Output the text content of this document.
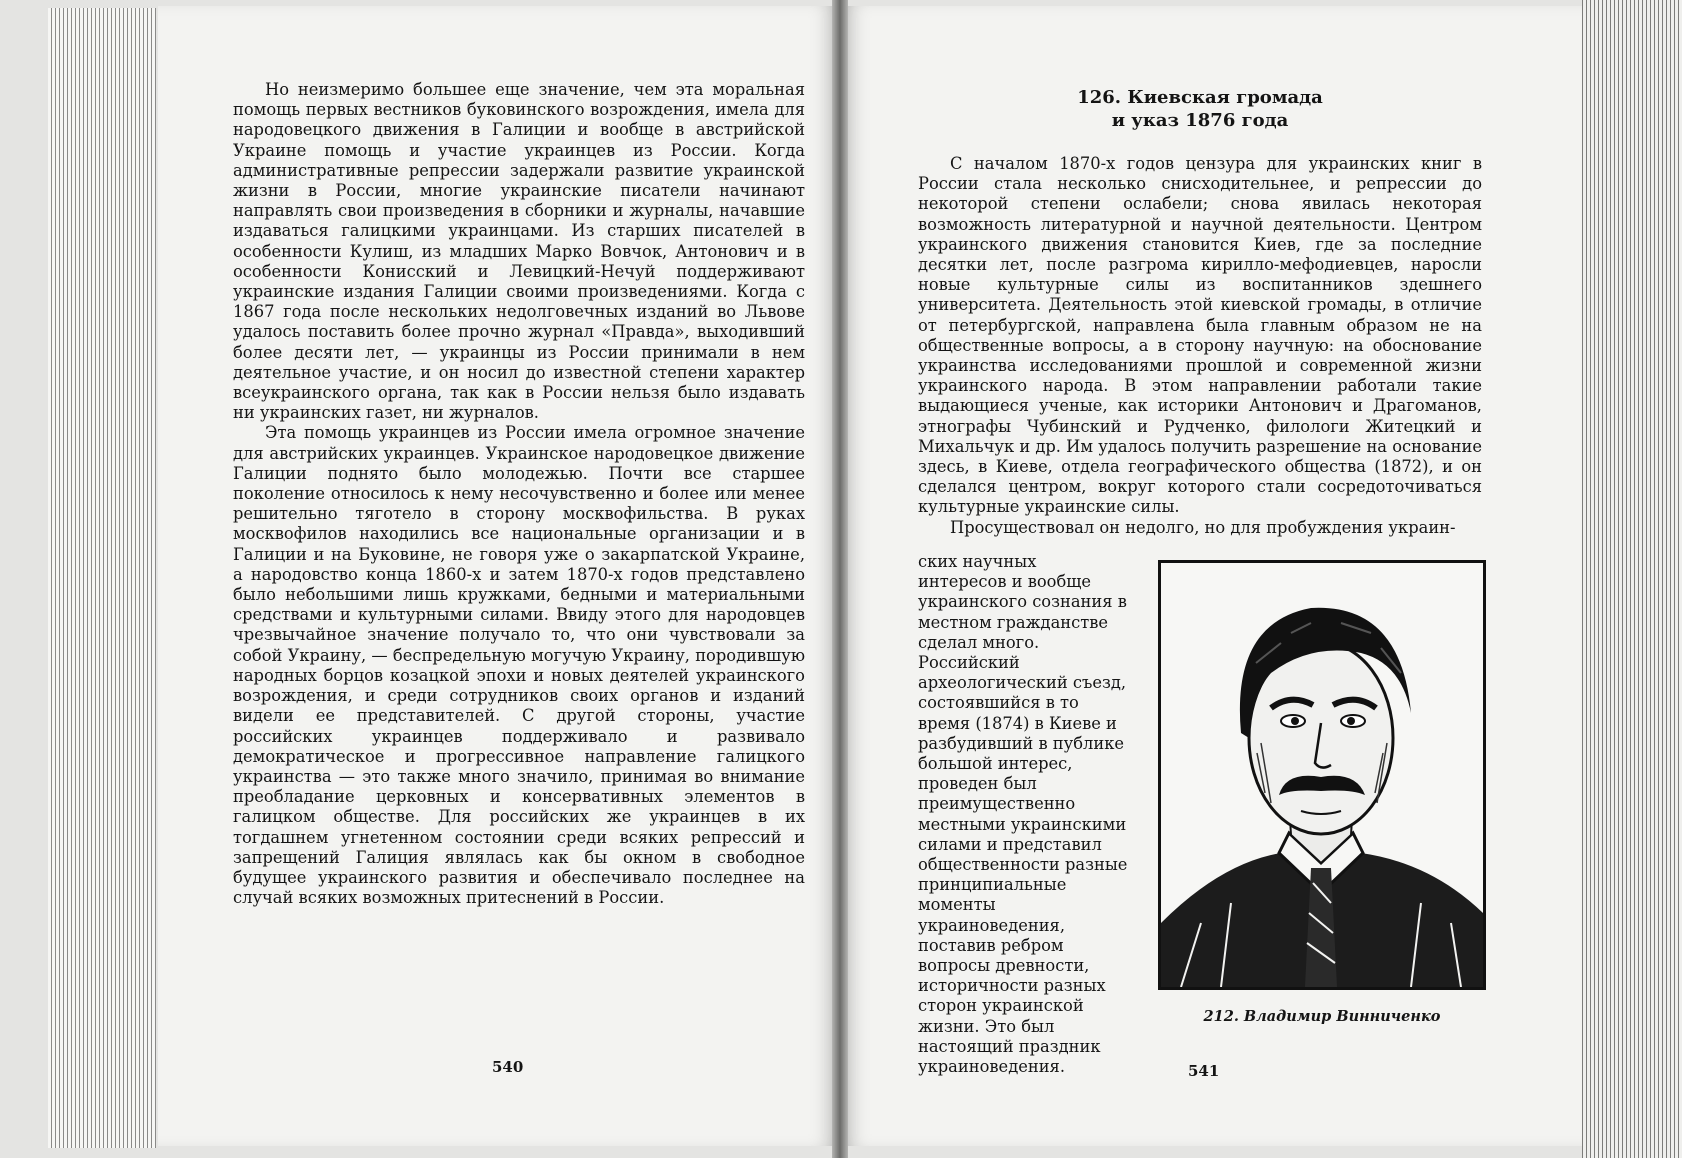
Но неизмеримо большее еще значение, чем эта моральная помощь первых вестников буковинского возрождения, имела для народовецкого движения в Галиции и вообще в австрийской Украине помощь и участие украинцев из России. Когда административные репрессии задержали развитие украинской жизни в России, многие украинские писатели начинают направлять свои произведения в сборники и журналы, начавшие издаваться галицкими украинцами. Из старших писателей в особенности Кулиш, из младших Марко Вовчок, Антонович и в особенности Конисский и Левицкий-Нечуй поддерживают украинские издания Галиции своими произведениями. Когда с 1867 года после нескольких недолговечных изданий во Львове удалось поставить более прочно журнал «Правда», выходивший более десяти лет, — украинцы из России принимали в нем деятельное участие, и он носил до известной степени характер всеукраинского органа, так как в России нельзя было издавать ни украинских газет, ни журналов.

Эта помощь украинцев из России имела огромное значение для австрийских украинцев. Украинское народовецкое движение Галиции поднято было молодежью. Почти все старшее поколение относилось к нему несочувственно и более или менее решительно тяготело в сторону москвофильства. В руках москвофилов находились все национальные организации и в Галиции и на Буковине, не говоря уже о закарпатской Украине, а народовство конца 1860-х и затем 1870-х годов представлено было небольшими лишь кружками, бедными и материальными средствами и культурными силами. Ввиду этого для народовцев чрезвычайное значение получало то, что они чувствовали за собой Украину, — беспредельную могучую Украину, породившую народных борцов козацкой эпохи и новых деятелей украинского возрождения, и среди сотрудников своих органов и изданий видели ее представителей. С другой стороны, участие российских украинцев поддерживало и развивало демократическое и прогрессивное направление галицкого украинства — это также много значило, принимая во внимание преобладание церковных и консервативных элементов в галицком обществе. Для российских же украинцев в их тогдашнем угнетенном состоянии среди всяких репрессий и запрещений Галиция являлась как бы окном в свободное будущее украинского развития и обеспечивало последнее на случай всяких возможных притеснений в России.

540
126. Киевская громада
и указ 1876 года

С началом 1870-х годов цензура для украинских книг в России стала несколько снисходительнее, и репрессии до некоторой степени ослабели; снова явилась некоторая возможность литературной и научной деятельности. Центром украинского движения становится Киев, где за последние десятки лет, после разгрома кирилло-мефодиевцев, наросли новые культурные силы из воспитанников здешнего университета. Деятельность этой киевской громады, в отличие от петербургской, направлена была главным образом не на общественные вопросы, а в сторону научную: на обоснование украинства исследованиями прошлой и современной жизни украинского народа. В этом направлении работали такие выдающиеся ученые, как историки Антонович и Драгоманов, этнографы Чубинский и Рудченко, филологи Житецкий и Михальчук и др. Им удалось получить разрешение на основание здесь, в Киеве, отдела географического общества (1872), и он сделался центром, вокруг которого стали сосредоточиваться культурные украинские силы.

Просуществовал он недолго, но для пробуждения украин-

ских научных интересов и вообще украинского сознания в местном гражданстве сделал много. Российский археологический съезд, состоявшийся в то время (1874) в Киеве и разбудивший в публике большой интерес, проведен был преимущественно местными украинскими силами и представил общественности разные принципиальные моменты украиноведения, поставив ребром вопросы древности, историчности разных сторон украинской жизни. Это был настоящий праздник украиноведения.

212. Владимир Винниченко
541
